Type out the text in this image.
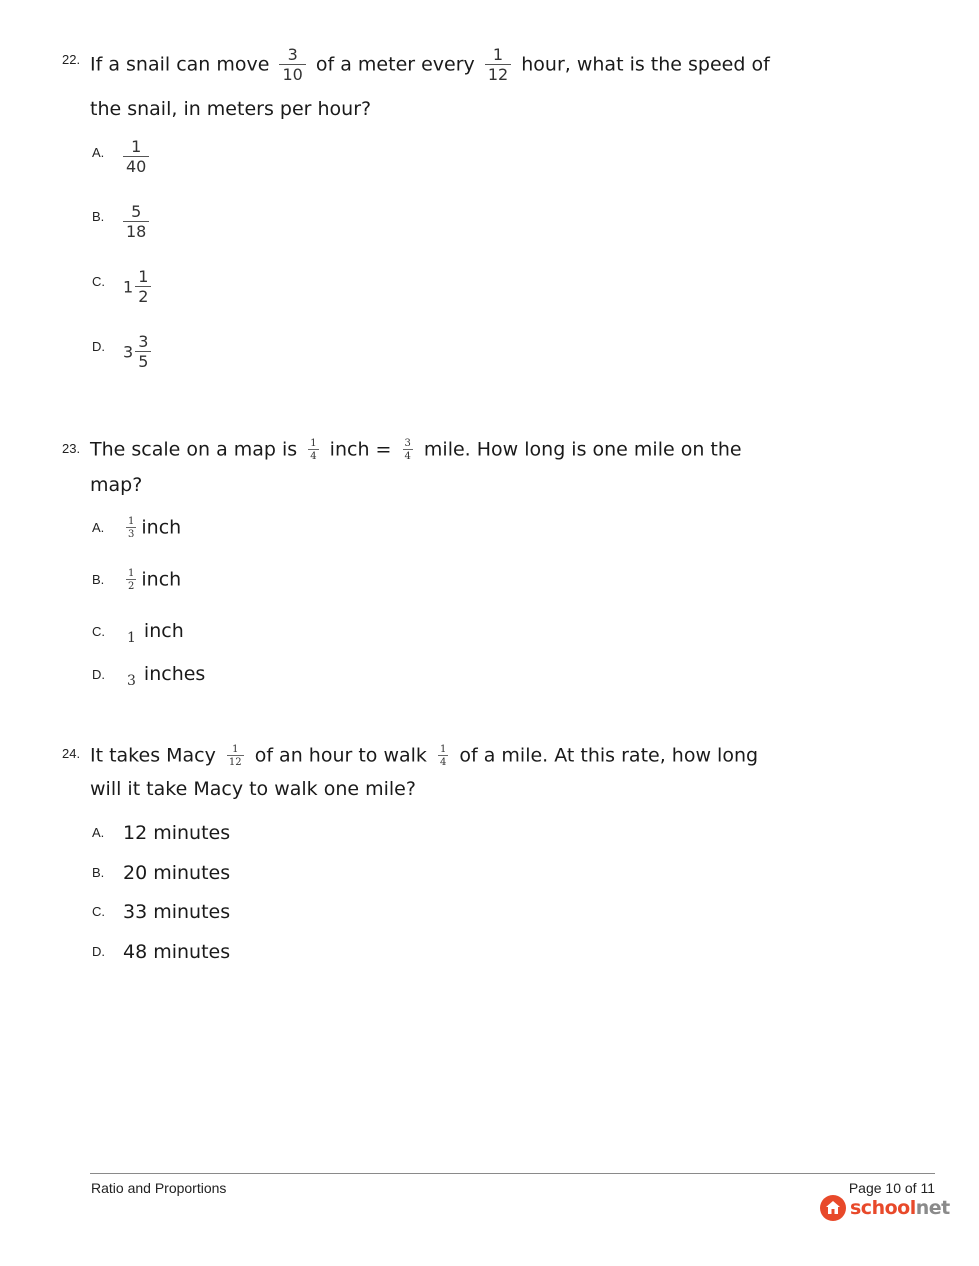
22. If a snail can move $\frac{3}{10}$ of a meter every $\frac{1}{12}$ hour, what is the speed of
the snail, in meters per hour?
A. $\frac{1}{40}$
B. $\frac{5}{18}$
C. $1 \frac{1}{2}$
D. $3 \frac{3}{5}$
23. The scale on a map is $\frac{1}{4}$ inch = $\frac{3}{4}$ mile. How long is one mile on the
map?
A. $\frac{1}{3}$ inch
B. $\frac{1}{2}$ inch
C. 1 inch
D. 3 inches
24. It takes Macy $\frac{1}{12}$ of an hour to walk $\frac{1}{4}$ of a mile. At this rate, how long
will it take Macy to walk one mile?
A. 12 minutes
B. 20 minutes
C. 33 minutes
D. 48 minutes
Ratio and Proportions	Page 10 of 11
schoolnet
